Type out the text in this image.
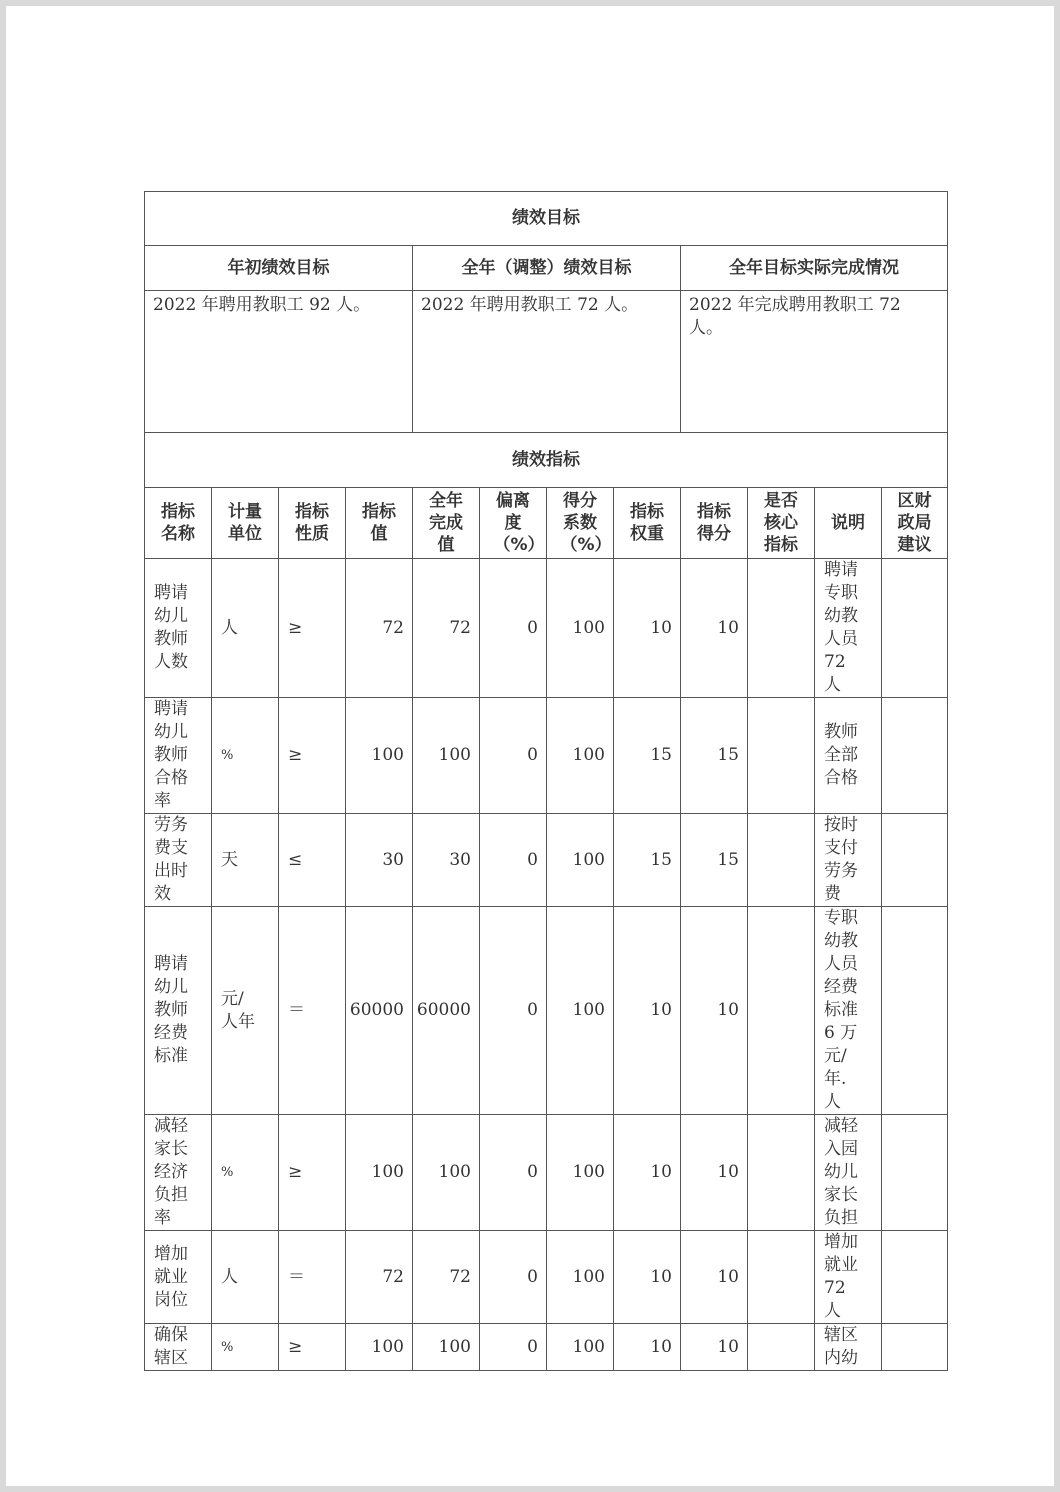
绩效目标											
年初绩效目标				全年（调整）绩效目标				全年目标实际完成情况			
2022 年聘用教职工 92 人。				2022 年聘用教职工 72 人。				2022 年完成聘用教职工 72 人。			
绩效指标											

指标名称	计量单位	指标性质	指标值	全年完成值	偏离度（%）	得分系数（%）	指标权重	指标得分	是否核心指标	说明	区财政局建议

聘请幼儿教师人数	人	≥	72	72	0	100	10	10		聘请专职幼教人员 72 人	

聘请幼儿教师合格率	%	≥	100	100	0	100	15	15		教师全部合格	

劳务费支出时效	天	≤	30	30	0	100	15	15		按时支付劳务费	

聘请幼儿教师经费标准	元/人年	＝	60000	60000	0	100	10	10		专职幼教人员经费标准 6 万元/年.人	

减轻家长经济负担率	%	≥	100	100	0	100	10	10		减轻入园幼儿家长负担	

增加就业岗位	人	＝	72	72	0	100	10	10		增加就业 72 人	

确保辖区	%	≥	100	100	0	100	10	10		辖区内幼	
